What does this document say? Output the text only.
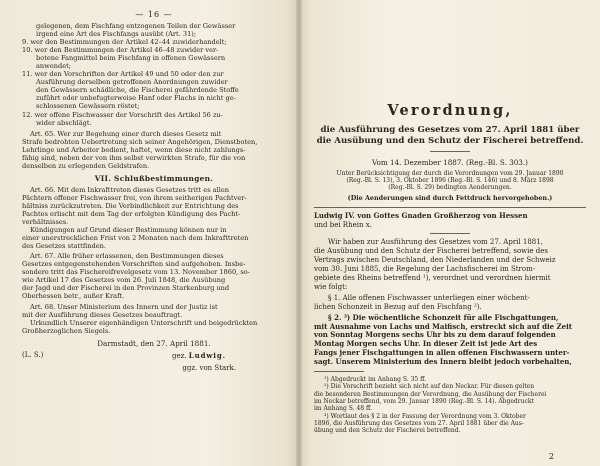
— 16 —

gelegenen, dem Fischfang entzogenen Teilen der Gewässer

irgend eine Art des Fischfangs ausübt (Art. 31);

9. wer den Bestimmungen der Artikel 42–44 zuwiderhandelt;

10. wer den Bestimmungen der Artikel 46–48 zuwider ver-

botene Fangmittel beim Fischfang in offenen Gewässern

anwendet;

11. wer den Vorschriften der Artikel 49 und 50 oder den zur

Ausführung derselben getroffenen Anordnungen zuwider

den Gewässern schädliche, die Fischerei gefährdende Stoffe

zuführt oder unbefugterweise Hanf oder Flachs in nicht ge-

schlossenen Gewässern röstet;

12. wer offene Fischwasser der Vorschrift des Artikel 56 zu-

wider abschlägt.

Art. 65. Wer zur Begehung einer durch dieses Gesetz mit

Strafe bedrohten Uebertretung sich seiner Angehörigen, Dienstboten,

Lehrlinge und Arbeiter bedient, haftet, wenn diese nicht zahlungs-

fähig sind, neben der von ihm selbst verwirkten Strafe, für die von

denselben zu erlegenden Geldstrafen.

VII. Schlußbestimmungen.

Art. 66. Mit dem Inkrafttreten dieses Gesetzes tritt es allen

Pächtern offener Fischwasser frei, von ihrem seitherigen Pachtver-

hältniss zurückzutreten. Die Verbindlichkeit zur Entrichtung des

Pachtes erlischt mit dem Tag der erfolgten Kündigung des Pacht-

verhältnisses.

Kündigungen auf Grund dieser Bestimmung können nur in

einer unerstrecklichen Frist von 2 Monaten nach dem Inkrafttreten

des Gesetzes stattfinden.

Art. 67. Alle früher erlassenen, den Bestimmungen dieses

Gesetzes entgegenstehenden Vorschriften sind aufgehoben. Insbe-

sondere tritt das Fischereifrevelgesetz vom 13. November 1860, so-

wie Artikel 17 des Gesetzes vom 26. Juli 1848, die Ausübung

der Jagd und der Fischerei in den Provinzen Starkenburg und

Oberhessen betr., außer Kraft.

Art. 68. Unser Ministerium des Innern und der Justiz ist

mit der Ausführung dieses Gesetzes beauftragt.

Urkundlich Unserer eigenhändigen Unterschrift und beigedrückten

Großherzoglichen Siegels.

Darmstadt, den 27. April 1881.
(L. S.)	gez. Ludwig.
ggz. von Stark.
Verordnung,
die Ausführung des Gesetzes vom 27. April 1881 über
die Ausübung und den Schutz der Fischerei betreffend.
Vom 14. Dezember 1887. (Reg.-Bl. S. 303.)
Unter Berücksichtigung der durch die Verordnungen vom 29. Januar 1890
(Reg.-Bl. S. 13), 3. Oktober 1896 (Reg.-Bl. S. 146) und 8. März 1898
(Reg.-Bl. S. 29) bedingten Aenderungen.
(Die Aenderungen sind durch Fettdruck hervorgehoben.)

Ludwig IV. von Gottes Gnaden Großherzog von Hessen

und bei Rhein x.

Wir haben zur Ausführung des Gesetzes vom 27. April 1881,

die Ausübung und den Schutz der Fischerei betreffend, sowie des

Vertrags zwischen Deutschland, den Niederlanden und der Schweiz

vom 30. Juni 1885, die Regelung der Lachsfischerei im Strom-

gebiete des Rheins betreffend ¹), verordnet und verordnen hiermit

wie folgt:

§ 1. Alle offenen Fischwasser unterliegen einer wöchent-

lichen Schonzeit in Bezug auf den Fischfang ²).

§ 2. ³) Die wöchentliche Schonzeit für alle Fischgattungen,

mit Ausnahme von Lachs und Maifisch, erstreckt sich auf die Zeit

von Sonntag Morgens sechs Uhr bis zu dem darauf folgenden

Montag Morgen sechs Uhr. In dieser Zeit ist jede Art des

Fangs jener Fischgattungen in allen offenen Fischwassern unter-

sagt. Unserem Ministerium des Innern bleibt jedoch vorbehalten,

¹) Abgedruckt im Anhang S. 35 ff.

²) Die Vorschrift bezieht sich nicht auf den Neckar. Für diesen gelten

die besonderen Bestimmungen der Verordnung, die Ausübung der Fischerei

im Neckar betreffend, vom 29. Januar 1890 (Reg.-Bl. S. 14). Abgedruckt

im Anhang S. 48 ff.

³) Wortlaut des § 2 in der Fassung der Verordnung vom 3. Oktober

1896, die Ausführung des Gesetzes vom 27. April 1881 über die Aus-

übung und den Schutz der Fischerei betreffend.

2
